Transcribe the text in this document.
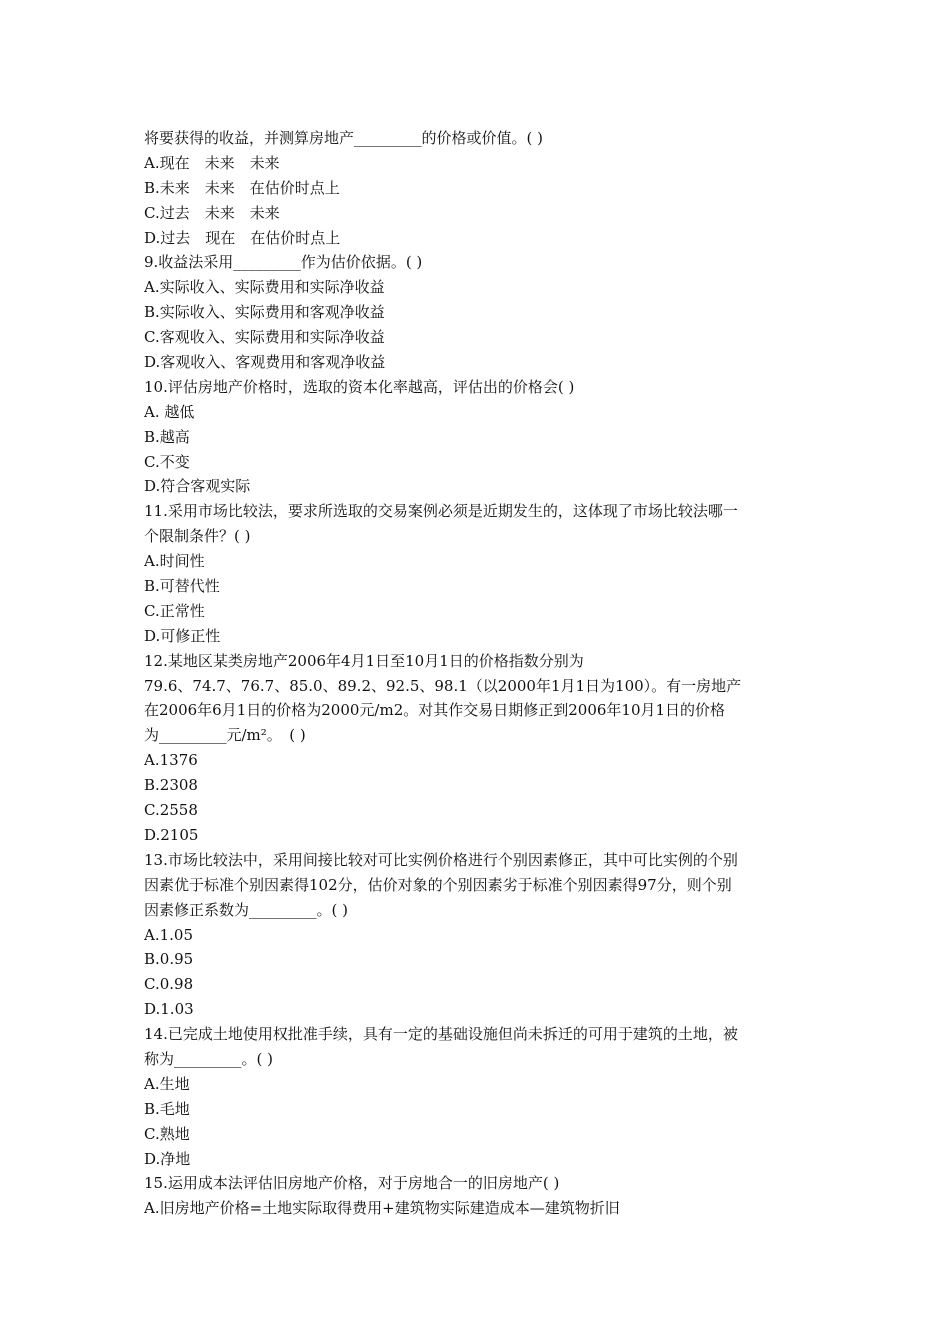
将要获得的收益，并测算房地产_________的价格或价值。( )
A.现在　未来　未来
B.未来　未来　在估价时点上
C.过去　未来　未来
D.过去　现在　在估价时点上
9.收益法采用_________作为估价依据。( )
A.实际收入、实际费用和实际净收益
B.实际收入、实际费用和客观净收益
C.客观收入、实际费用和实际净收益
D.客观收入、客观费用和客观净收益
10.评估房地产价格时，选取的资本化率越高，评估出的价格会( )
A. 越低
B.越高
C.不变
D.符合客观实际
11.采用市场比较法，要求所选取的交易案例必须是近期发生的，这体现了市场比较法哪一
个限制条件？( )
A.时间性
B.可替代性
C.正常性
D.可修正性
12.某地区某类房地产2006年4月1日至10月1日的价格指数分别为
79.6、74.7、76.7、85.0、89.2、92.5、98.1（以2000年1月1日为100）。有一房地产
在2006年6月1日的价格为2000元/m2。对其作交易日期修正到2006年10月1日的价格
为_________元/m²。　( )
A.1376
B.2308
C.2558
D.2105
13.市场比较法中，采用间接比较对可比实例价格进行个别因素修正，其中可比实例的个别
因素优于标准个别因素得102分，估价对象的个别因素劣于标准个别因素得97分，则个别
因素修正系数为_________。( )
A.1.05
B.0.95
C.0.98
D.1.03
14.已完成土地使用权批准手续，具有一定的基础设施但尚未拆迁的可用于建筑的土地，被
称为_________。( )
A.生地
B.毛地
C.熟地
D.净地
15.运用成本法评估旧房地产价格，对于房地合一的旧房地产( )
A.旧房地产价格=土地实际取得费用+建筑物实际建造成本—建筑物折旧
